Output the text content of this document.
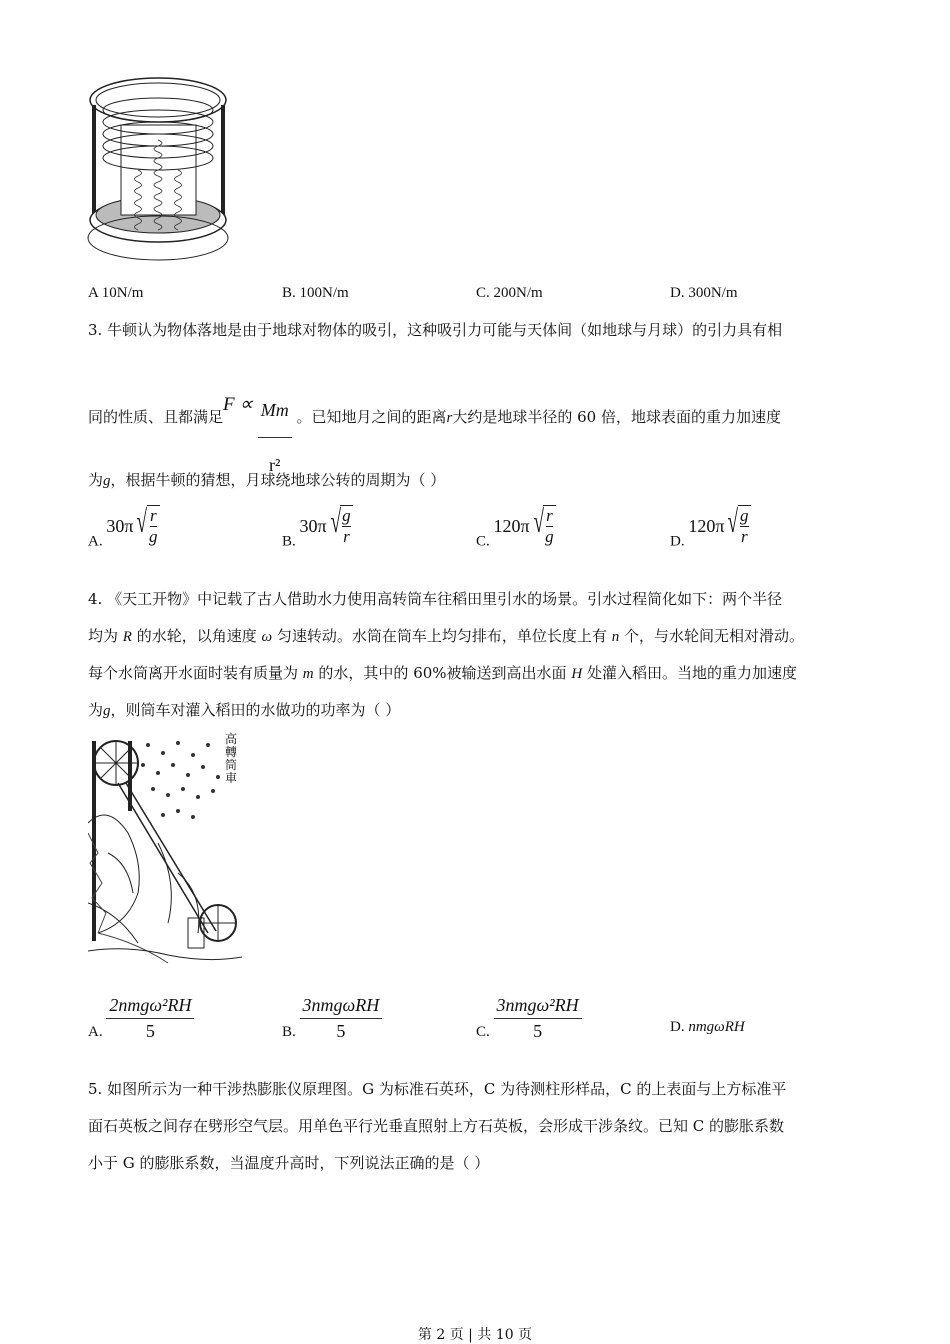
A 10N/m	B. 100N/m	C. 200N/m	D. 300N/m
3. 牛顿认为物体落地是由于地球对物体的吸引，这种吸引力可能与天体间（如地球与月球）的引力具有相
同的性质、且都满足$F \propto \frac{Mm}{\text{r²}}$ 。已知地月之间的距离r大约是地球半径的 60 倍，地球表面的重力加速度
为g，根据牛顿的猜想，月球绕地球公转的周期为（ ）
A.
30π √ $\frac{r}{g}$	B.
30π √ $\frac{g}{r}$	C.
120π √ $\frac{r}{g}$	D.
120π √ $\frac{g}{r}$
4. 《天工开物》中记载了古人借助水力使用高转筒车往稻田里引水的场景。引水过程简化如下：两个半径
均为 R 的水轮，以角速度 ω 匀速转动。水筒在筒车上均匀排布，单位长度上有 n 个，与水轮间无相对滑动。
每个水筒离开水面时装有质量为 m 的水，其中的 60%被输送到高出水面 H 处灌入稻田。当地的重力加速度
为g，则筒车对灌入稻田的水做功的功率为（ ）
高轉筒車
A. $\frac{\text{2nmgω²RH}}{5}$	B. $\frac{\text{3nmgωRH}}{5}$	C. $\frac{\text{3nmgω²RH}}{5}$	D. nmgωRH
5. 如图所示为一种干涉热膨胀仪原理图。G 为标准石英环，C 为待测柱形样品，C 的上表面与上方标准平
面石英板之间存在劈形空气层。用单色平行光垂直照射上方石英板，会形成干涉条纹。已知 C 的膨胀系数
小于 G 的膨胀系数，当温度升高时，下列说法正确的是（ ）
第 2 页 | 共 10 页
